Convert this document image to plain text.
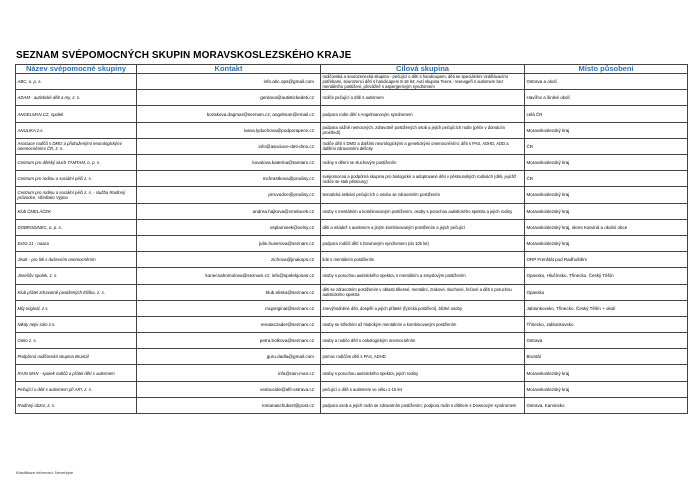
SEZNAM SVÉPOMOCNÝCH SKUPIN MORAVSKOSLEZSKÉHO KRAJE
Název svépomocné skupiny	Kontakt	Cílová skupina	Místo působení
ABC, o. p. s.	info.abc.ops@gmail.com	rodičovská a sourozenecká skupina - pečující o děti s handicapem, děti se speciálními vzdělávacími potřebami, sourozenci dětí s handicapem 8-18 let; Autí skupina Teens - teenageři s autismem bez mentálního postižení, převážně s aspergerovým syndromem	Ostrava a okolí
ADAM - autistické děti a my, z. s.	gerdova@autistickedeti.cz	rodiče pečující o dítě s autismem	Havířov a široké okolí
ANGELMAN.CZ, spolek	kozakova.dagmar@seznam.cz; angelman@email.cz	podpora rodin dětí s Angelmanovým syndromem	celá ČR
ANULIKA z.s.	ivana.lyduchova@podporapece.cz	podpora vážně nemocných, zdravotně postižených osob a jejich pečujících rodin (péče v domácím prostředí)	Moravskoslezský kraj
Asociace rodičů s DMO a přidruženými neurologickými onemocněními ČR, z. s.	info@asociace-deti-dmo.cz	rodiče dětí s DMO a dalšími neurologickými a genetickými onemocněními; děti s PAS, ADHD, ADD a dalšími zdravotními deficity	ČR
Centrum pro dětský sluch TAMTAM, o. p. s.	kovalova.katerina@tamtam.cz	rodiny s dětmi se sluchovým postižením	Moravskoslezský kraj
Centrum pro rodinu a sociální péči z. s.	mchrastkova@prodiny.cz	svépomocná a podpůrná skupina pro biologické a adoptované děti v pěstounských rodinách (děti, jejichž rodiče se stali pěstouny)	ČR
Centrum pro rodinu a sociální péči z. s. - služba Rodinný průvodce, středisko Vyjma	prruvodce@prodiny.cz	tematická setkání pečujících o osobu se zdravotním postižením	Moravskoslezský kraj
Klub ČMELÁČEK	andrea.hajkova@cmelacek.cz	osoby s mentálním a kombinovaným postižením, osoby s poruchou autistického spektra a jejich rodiny	Moravskoslezský kraj
DOBRODINEC, o. p. s.	osplaminek@volny.cz	děti a mládež s autismem a jiným kombinovaným postižením a jejich pečující	Moravskoslezský kraj, okres Karviná a okolní obce
Extra 21 - naaco	julie.huserova@seznam.cz	podpora rodičů dětí s Downovým syndromem (do 10ti let)	Moravskoslezský kraj
Jinak - pro lidi s duševním onemocněním	zichova@jinakops.cz	lidé s mentálním postižením	ORP Frenštát pod Radhoštěm
Jonešův spolek, z. s.	konecnahomolova@seznam.cz; info@spolekjonas.cz	osoby s poruchou autistického spektra, s mentálním a smyslovým postižením	Opavsko, Hlučínsko, Třinecko, Český Těšín
Klub přátel zdravotně postižených Eliška, z. s.	klub.eliska@seznam.cz	děti se zdravotním postižením v oblasti tělesné, mentální, zrakové, sluchové, řečové a děti s poruchou autistického spektra	Opavsko
Můj originál, z.s.	mujoriginal@seznam.cz	znevýhodněné děti, dospělí a jejich přátelé (fyzická postižení), blízké osoby	Jablunkovsko, Třinecko, Český Těšín + okolí
Nikdy nejsi sám z.s.	renataczader@seznam.cz	osoby se středním až hlubokým mentálním a kombinovaným postižením	Třinecko, Jablunkovsko
Onko z. s.	petra.bolkova@seznam.cz	osoby a rodiče dětí s onkologickým onemocněním	Ostrava
Podpůrná rodičovská skupina Bruntál	guru.dadla@gmail.com	pomoc rodičům dětí s PAS, ADHD	Bruntál
RAIN MAN - spolek rodičů a přátel dětí s autismem	info@rain-man.cz	osoby s poruchou autistického spektra, jejich rodiny	Moravskoslezský kraj
Pečující o děti s autismem při ARI, z. s.	vedoucide@alfi-ostrava.cz	pečující o dítě s autismem ve věku 1-15 let	Moravskoslezský kraj
Rodinný obzor, z. s.	romanaschubert@post.cz	podpora osob a jejich rodin se zdravotním postižením; podpora rodin s dítětem s Downovým syndromem	Ostrava, Karvinsko
Klasifikace informací: Neveřejné
